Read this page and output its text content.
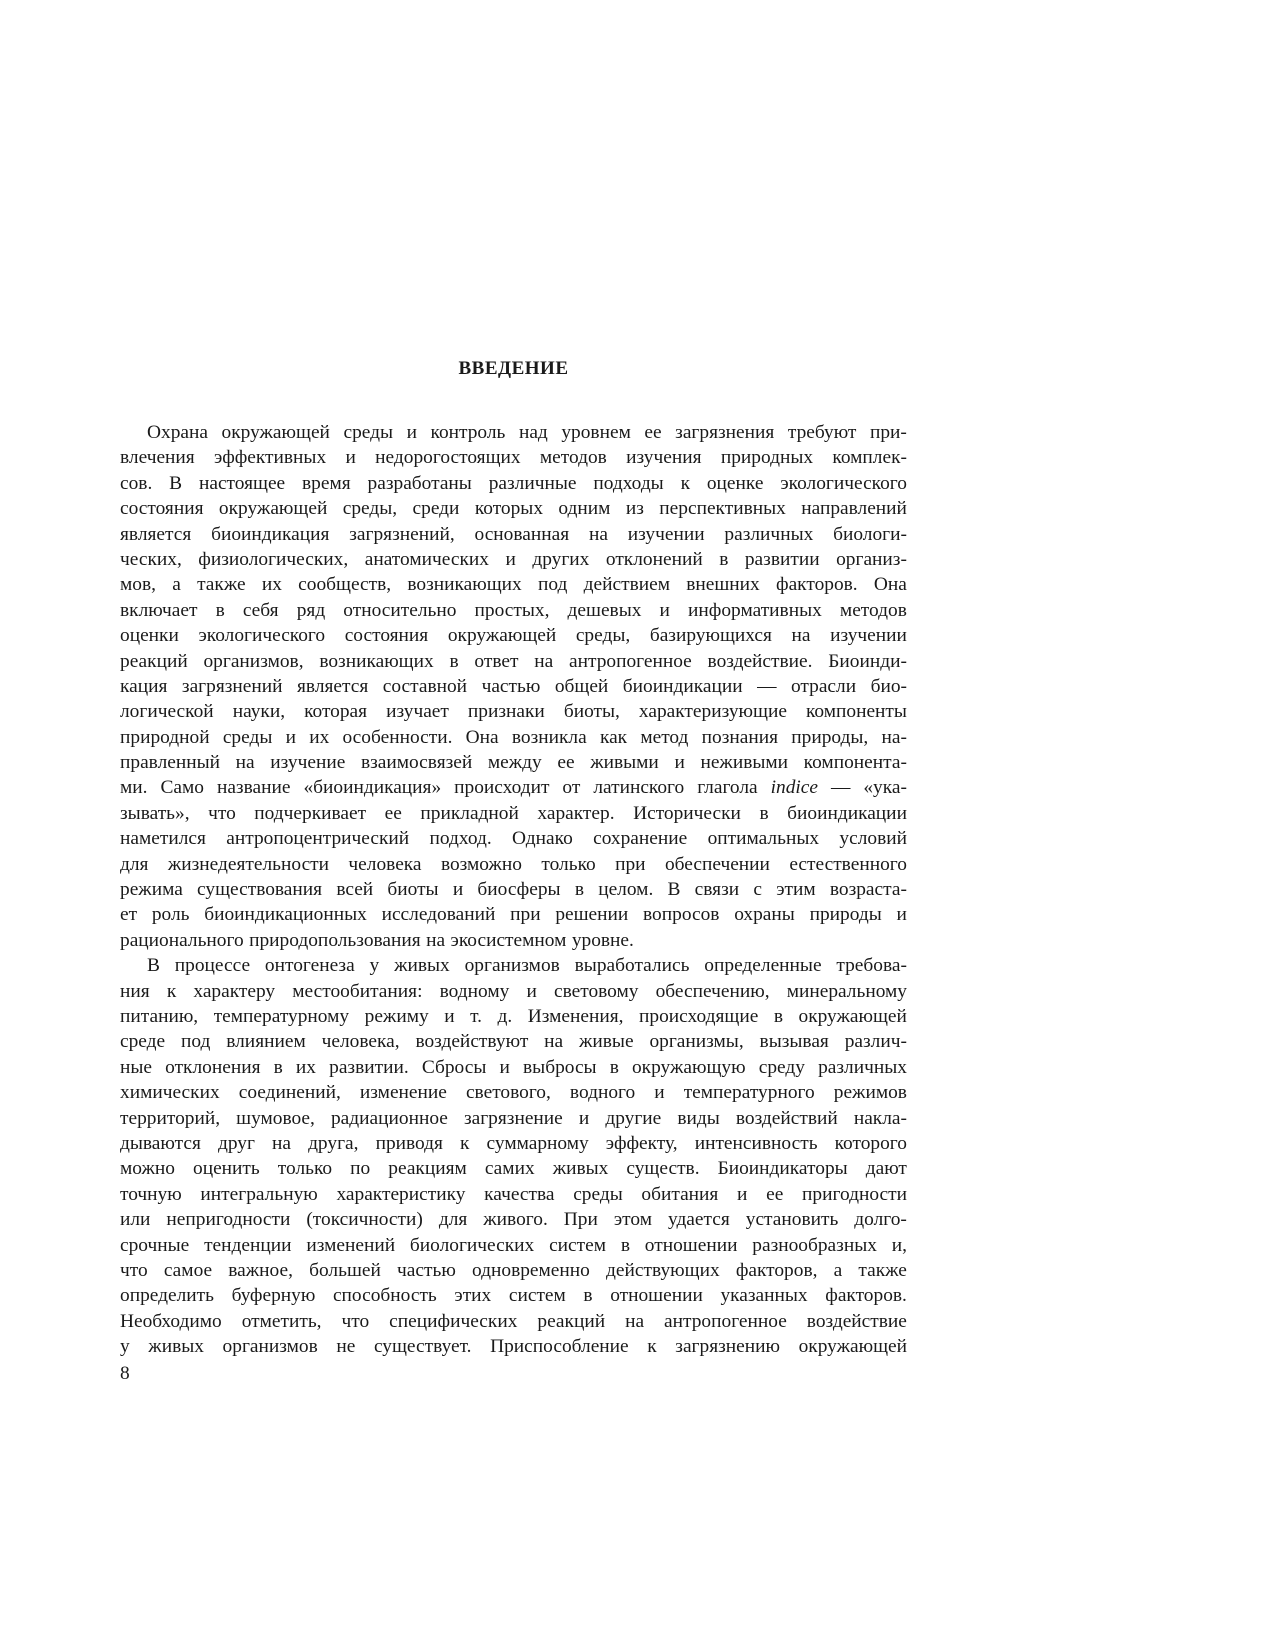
ВВЕДЕНИЕ
Охрана окружающей среды и контроль над уровнем ее загрязнения требуют при-
влечения эффективных и недорогостоящих методов изучения природных комплек-
сов. В настоящее время разработаны различные подходы к оценке экологического
состояния окружающей среды, среди которых одним из перспективных направлений
является биоиндикация загрязнений, основанная на изучении различных биологи-
ческих, физиологических, анатомических и других отклонений в развитии организ-
мов, а также их сообществ, возникающих под действием внешних факторов. Она
включает в себя ряд относительно простых, дешевых и информативных методов
оценки экологического состояния окружающей среды, базирующихся на изучении
реакций организмов, возникающих в ответ на антропогенное воздействие. Биоинди-
кация загрязнений является составной частью общей биоиндикации — отрасли био-
логической науки, которая изучает признаки биоты, характеризующие компоненты
природной среды и их особенности. Она возникла как метод познания природы, на-
правленный на изучение взаимосвязей между ее живыми и неживыми компонента-
ми. Само название «биоиндикация» происходит от латинского глагола indice — «ука-
зывать», что подчеркивает ее прикладной характер. Исторически в биоиндикации
наметился антропоцентрический подход. Однако сохранение оптимальных условий
для жизнедеятельности человека возможно только при обеспечении естественного
режима существования всей биоты и биосферы в целом. В связи с этим возраста-
ет роль биоиндикационных исследований при решении вопросов охраны природы и
рационального природопользования на экосистемном уровне.
В процессе онтогенеза у живых организмов выработались определенные требова-
ния к характеру местообитания: водному и световому обеспечению, минеральному
питанию, температурному режиму и т. д. Изменения, происходящие в окружающей
среде под влиянием человека, воздействуют на живые организмы, вызывая различ-
ные отклонения в их развитии. Сбросы и выбросы в окружающую среду различных
химических соединений, изменение светового, водного и температурного режимов
территорий, шумовое, радиационное загрязнение и другие виды воздействий накла-
дываются друг на друга, приводя к суммарному эффекту, интенсивность которого
можно оценить только по реакциям самих живых существ. Биоиндикаторы дают
точную интегральную характеристику качества среды обитания и ее пригодности
или непригодности (токсичности) для живого. При этом удается установить долго-
срочные тенденции изменений биологических систем в отношении разнообразных и,
что самое важное, большей частью одновременно действующих факторов, а также
определить буферную способность этих систем в отношении указанных факторов.
Необходимо отметить, что специфических реакций на антропогенное воздействие
у живых организмов не существует. Приспособление к загрязнению окружающей
8
